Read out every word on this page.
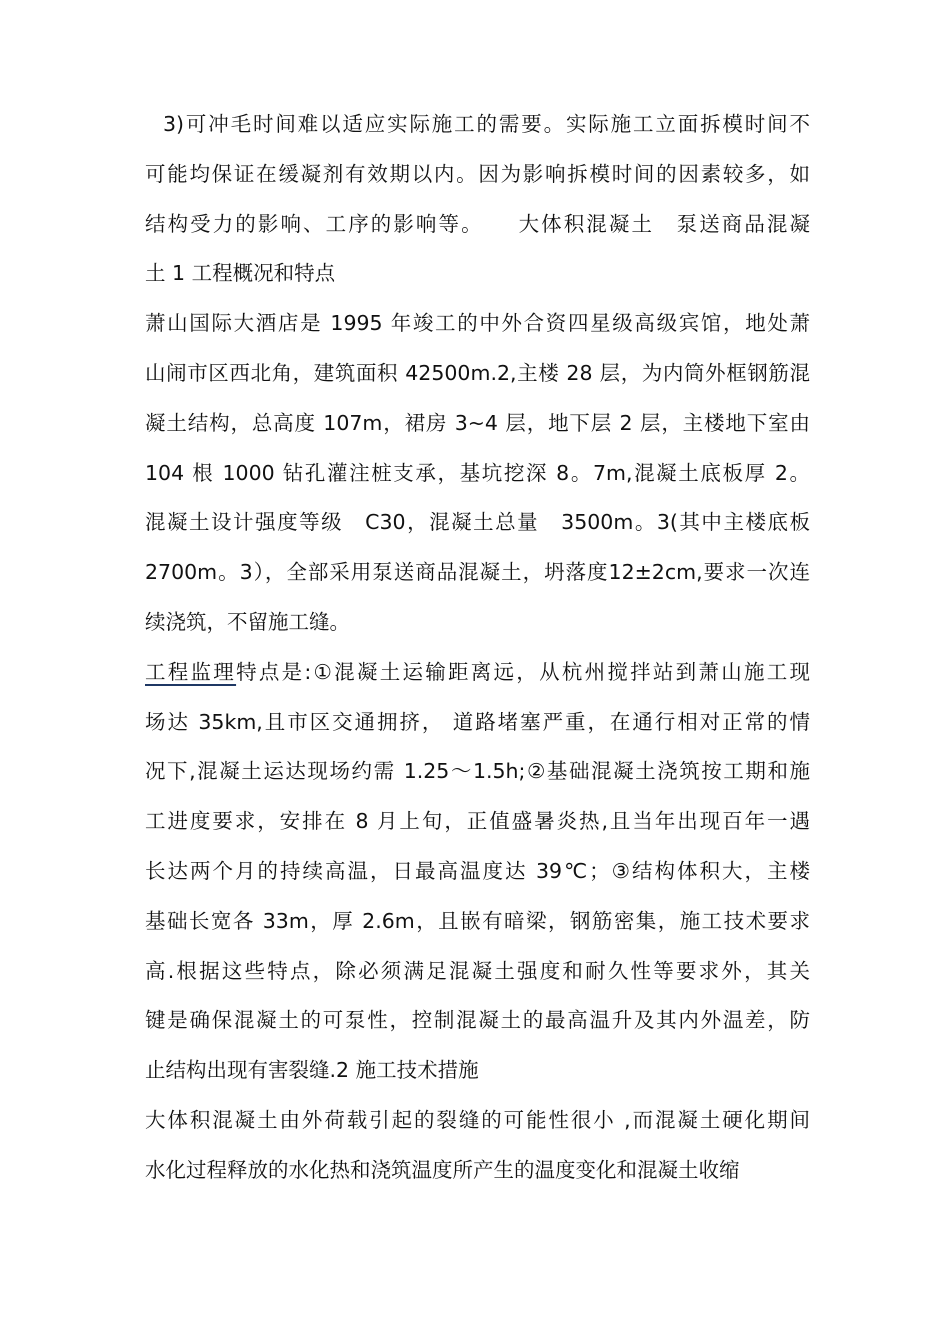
3)可冲毛时间难以适应实际施工的需要。实际施工立面拆模时间不
可能均保证在缓凝剂有效期以内。因为影响拆模时间的因素较多，如
结构受力的影响、工序的影响等。　　大体积混凝土　泵送商品混凝
土 1 工程概况和特点
萧山国际大酒店是 1995 年竣工的中外合资四星级高级宾馆，地处萧
山闹市区西北角，建筑面积 42500m.2,主楼 28 层，为内筒外框钢筋混
凝土结构，总高度 107m，裙房 3~4 层，地下层 2 层，主楼地下室由
104 根 1000 钻孔灌注桩支承，基坑挖深 8。7m,混凝土底板厚 2。
混凝土设计强度等级　C30，混凝土总量　3500m。3(其中主楼底板
2700m。3），全部采用泵送商品混凝土，坍落度12±2cm,要求一次连
续浇筑，不留施工缝。
工程监理特点是:①混凝土运输距离远，从杭州搅拌站到萧山施工现
场达 35km,且市区交通拥挤， 道路堵塞严重，在通行相对正常的情
况下,混凝土运达现场约需 1.25～1.5h;②基础混凝土浇筑按工期和施
工进度要求，安排在 8 月上旬，正值盛暑炎热,且当年出现百年一遇
长达两个月的持续高温，日最高温度达 39℃；③结构体积大，主楼
基础长宽各 33m，厚 2.6m，且嵌有暗梁，钢筋密集，施工技术要求
高.根据这些特点，除必须满足混凝土强度和耐久性等要求外，其关
键是确保混凝土的可泵性，控制混凝土的最高温升及其内外温差，防
止结构出现有害裂缝.2 施工技术措施
大体积混凝土由外荷载引起的裂缝的可能性很小 ,而混凝土硬化期间
水化过程释放的水化热和浇筑温度所产生的温度变化和混凝土收缩
